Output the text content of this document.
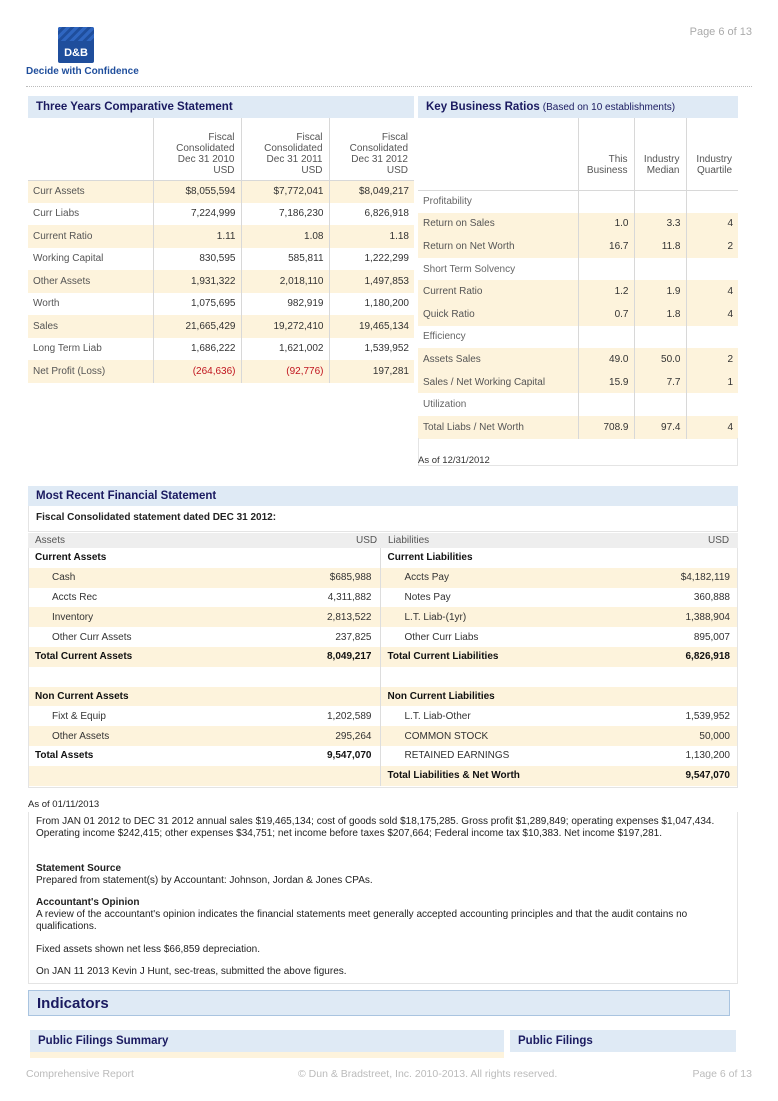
D&B
Decide with Confidence
Page 6 of 13
Three Years Comparative Statement
	Fiscal
Consolidated
Dec 31 2010
USD	Fiscal
Consolidated
Dec 31 2011
USD	Fiscal
Consolidated
Dec 31 2012
USD
Curr Assets	$8,055,594	$7,772,041	$8,049,217
Curr Liabs	7,224,999	7,186,230	6,826,918
Current Ratio	1.11	1.08	1.18
Working Capital	830,595	585,811	1,222,299
Other Assets	1,931,322	2,018,110	1,497,853
Worth	1,075,695	982,919	1,180,200
Sales	21,665,429	19,272,410	19,465,134
Long Term Liab	1,686,222	1,621,002	1,539,952
Net Profit (Loss)	(264,636)	(92,776)	197,281
Key Business Ratios (Based on 10 establishments)
	This
Business	Industry
Median	Industry
Quartile
Profitability			
Return on Sales	1.0	3.3	4
Return on Net Worth	16.7	11.8	2
Short Term Solvency			
Current Ratio	1.2	1.9	4
Quick Ratio	0.7	1.8	4
Efficiency			
Assets Sales	49.0	50.0	2
Sales / Net Working Capital	15.9	7.7	1
Utilization			
Total Liabs / Net Worth	708.9	97.4	4
As of 12/31/2012
Most Recent Financial Statement
Fiscal Consolidated statement dated DEC 31 2012:
Assets	USD Liabilities	USD
Current Assets		Current Liabilities	
Cash	$685,988	Accts Pay	$4,182,119
Accts Rec	4,311,882	Notes Pay	360,888
Inventory	2,813,522	L.T. Liab-(1yr)	1,388,904
Other Curr Assets	237,825	Other Curr Liabs	895,007
Total Current Assets	8,049,217	Total Current Liabilities	6,826,918

Non Current Assets		Non Current Liabilities	
Fixt & Equip	1,202,589	L.T. Liab-Other	1,539,952
Other Assets	295,264	COMMON STOCK	50,000
Total Assets	9,547,070	RETAINED EARNINGS	1,130,200
		Total Liabilities & Net Worth	9,547,070
As of 01/11/2013
From JAN 01 2012 to DEC 31 2012 annual sales $19,465,134; cost of goods sold $18,175,285. Gross profit $1,289,849; operating expenses $1,047,434. Operating income $242,415; other expenses $34,751; net income before taxes $207,664; Federal income tax $10,383. Net income $197,281.
Statement Source
Prepared from statement(s) by Accountant: Johnson, Jordan & Jones CPAs.
Accountant's Opinion
A review of the accountant's opinion indicates the financial statements meet generally accepted accounting principles and that the audit contains no qualifications.
Fixed assets shown net less $66,859 depreciation.
On JAN 11 2013 Kevin J Hunt, sec-treas, submitted the above figures.
Indicators
Public Filings Summary	Public Filings
Comprehensive Report	© Dun & Bradstreet, Inc. 2010-2013. All rights reserved.	Page 6 of 13
